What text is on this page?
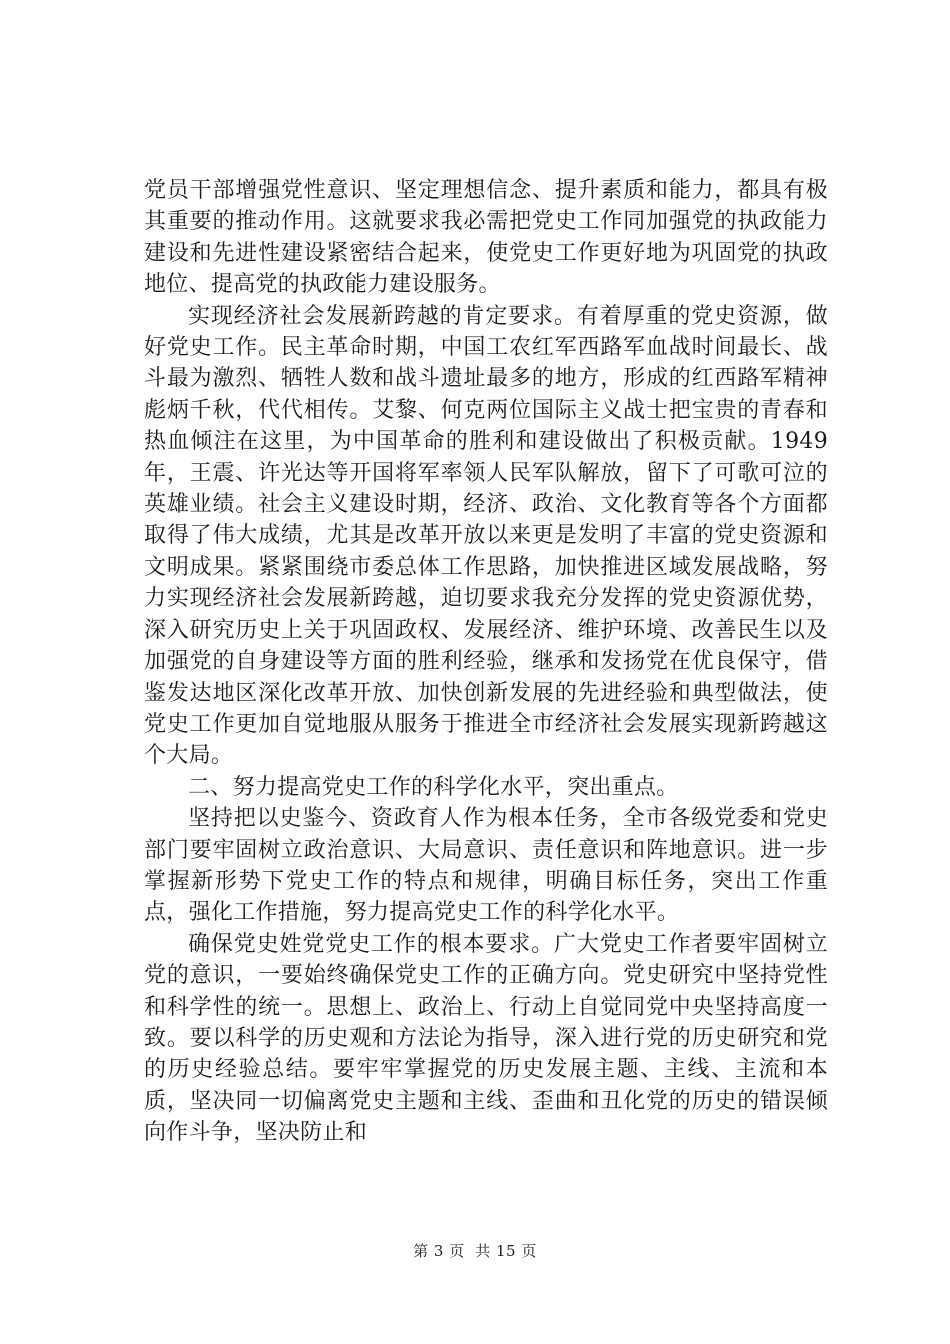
党员干部增强党性意识、坚定理想信念、提升素质和能力，都具有极其重要的推动作用。这就要求我必需把党史工作同加强党的执政能力建设和先进性建设紧密结合起来，使党史工作更好地为巩固党的执政地位、提高党的执政能力建设服务。

实现经济社会发展新跨越的肯定要求。有着厚重的党史资源，做好党史工作。民主革命时期，中国工农红军西路军血战时间最长、战斗最为激烈、牺牲人数和战斗遗址最多的地方，形成的红西路军精神彪炳千秋，代代相传。艾黎、何克两位国际主义战士把宝贵的青春和热血倾注在这里，为中国革命的胜利和建设做出了积极贡献。1949年，王震、许光达等开国将军率领人民军队解放，留下了可歌可泣的英雄业绩。社会主义建设时期，经济、政治、文化教育等各个方面都取得了伟大成绩，尤其是改革开放以来更是发明了丰富的党史资源和文明成果。紧紧围绕市委总体工作思路，加快推进区域发展战略，努力实现经济社会发展新跨越，迫切要求我充分发挥的党史资源优势，深入研究历史上关于巩固政权、发展经济、维护环境、改善民生以及加强党的自身建设等方面的胜利经验，继承和发扬党在优良保守，借鉴发达地区深化改革开放、加快创新发展的先进经验和典型做法，使党史工作更加自觉地服从服务于推进全市经济社会发展实现新跨越这个大局。

二、努力提高党史工作的科学化水平，突出重点。

坚持把以史鉴今、资政育人作为根本任务，全市各级党委和党史部门要牢固树立政治意识、大局意识、责任意识和阵地意识。进一步掌握新形势下党史工作的特点和规律，明确目标任务，突出工作重点，强化工作措施，努力提高党史工作的科学化水平。

确保党史姓党党史工作的根本要求。广大党史工作者要牢固树立党的意识，一要始终确保党史工作的正确方向。党史研究中坚持党性和科学性的统一。思想上、政治上、行动上自觉同党中央坚持高度一致。要以科学的历史观和方法论为指导，深入进行党的历史研究和党的历史经验总结。要牢牢掌握党的历史发展主题、主线、主流和本质，坚决同一切偏离党史主题和主线、歪曲和丑化党的历史的错误倾向作斗争，坚决防止和

第 3 页  共 15 页
